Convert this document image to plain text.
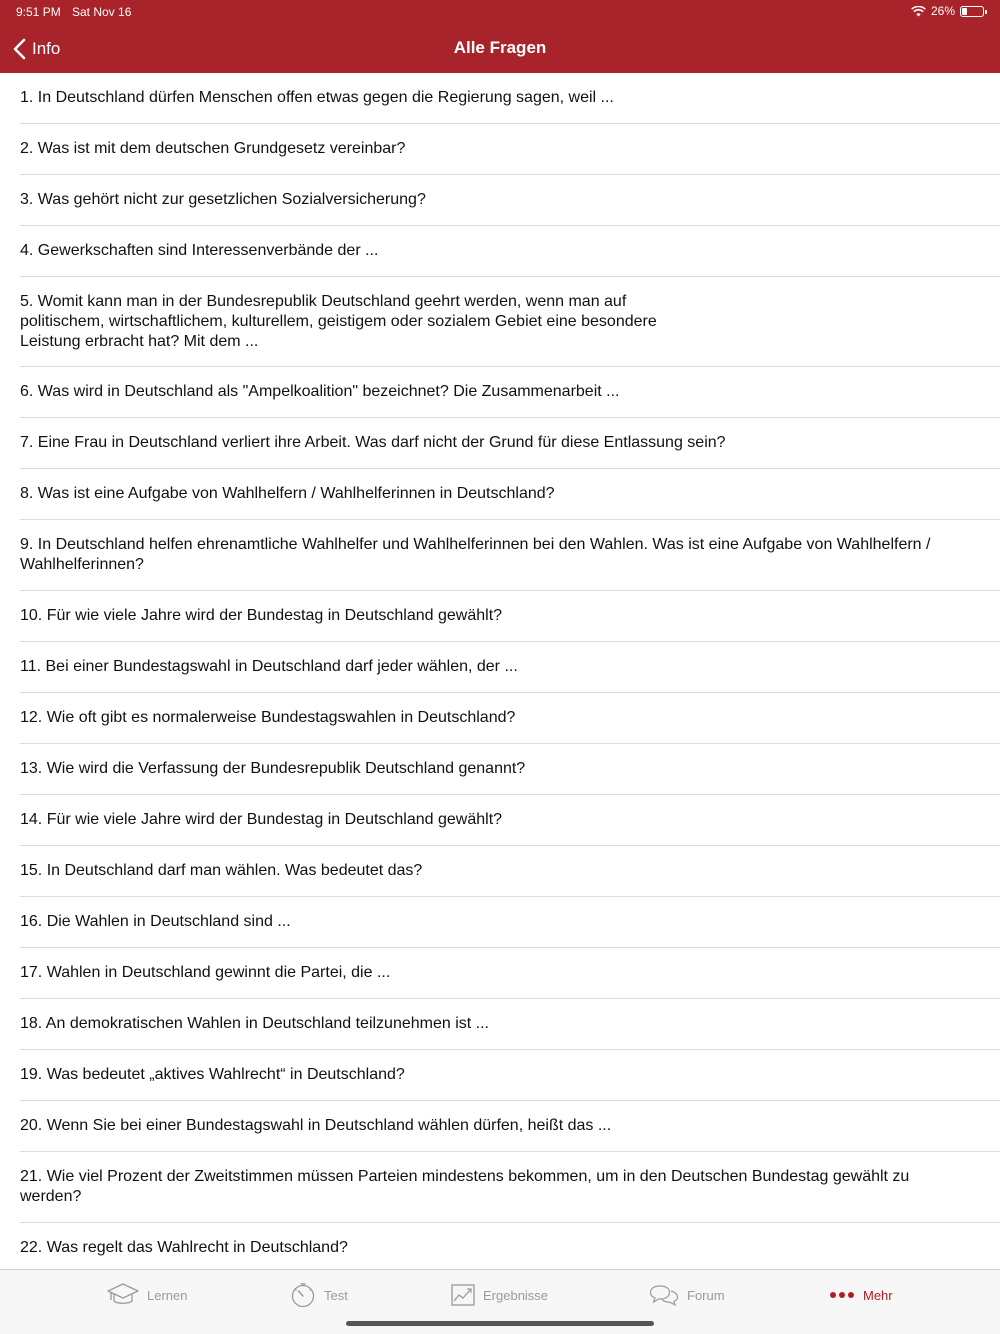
9:51 PM Sat Nov 16	26%
Info	Alle Fragen
1. In Deutschland dürfen Menschen offen etwas gegen die Regierung sagen, weil ...
2. Was ist mit dem deutschen Grundgesetz vereinbar?
3. Was gehört nicht zur gesetzlichen Sozialversicherung?
4. Gewerkschaften sind Interessenverbände der ...
5. Womit kann man in der Bundesrepublik Deutschland geehrt werden, wenn man auf politischem, wirtschaftlichem, kulturellem, geistigem oder sozialem Gebiet eine besondere Leistung erbracht hat? Mit dem ...
6. Was wird in Deutschland als "Ampelkoalition" bezeichnet? Die Zusammenarbeit ...
7. Eine Frau in Deutschland verliert ihre Arbeit. Was darf nicht der Grund für diese Entlassung sein?
8. Was ist eine Aufgabe von Wahlhelfern / Wahlhelferinnen in Deutschland?
9. In Deutschland helfen ehrenamtliche Wahlhelfer und Wahlhelferinnen bei den Wahlen. Was ist eine Aufgabe von Wahlhelfern / Wahlhelferinnen?
10. Für wie viele Jahre wird der Bundestag in Deutschland gewählt?
11. Bei einer Bundestagswahl in Deutschland darf jeder wählen, der ...
12. Wie oft gibt es normalerweise Bundestagswahlen in Deutschland?
13. Wie wird die Verfassung der Bundesrepublik Deutschland genannt?
14. Für wie viele Jahre wird der Bundestag in Deutschland gewählt?
15. In Deutschland darf man wählen. Was bedeutet das?
16. Die Wahlen in Deutschland sind ...
17. Wahlen in Deutschland gewinnt die Partei, die ...
18. An demokratischen Wahlen in Deutschland teilzunehmen ist ...
19. Was bedeutet „aktives Wahlrecht“ in Deutschland?
20. Wenn Sie bei einer Bundestagswahl in Deutschland wählen dürfen, heißt das ...
21. Wie viel Prozent der Zweitstimmen müssen Parteien mindestens bekommen, um in den Deutschen Bundestag gewählt zu werden?
22. Was regelt das Wahlrecht in Deutschland?
Lernen	Test	Ergebnisse	Forum	Mehr
